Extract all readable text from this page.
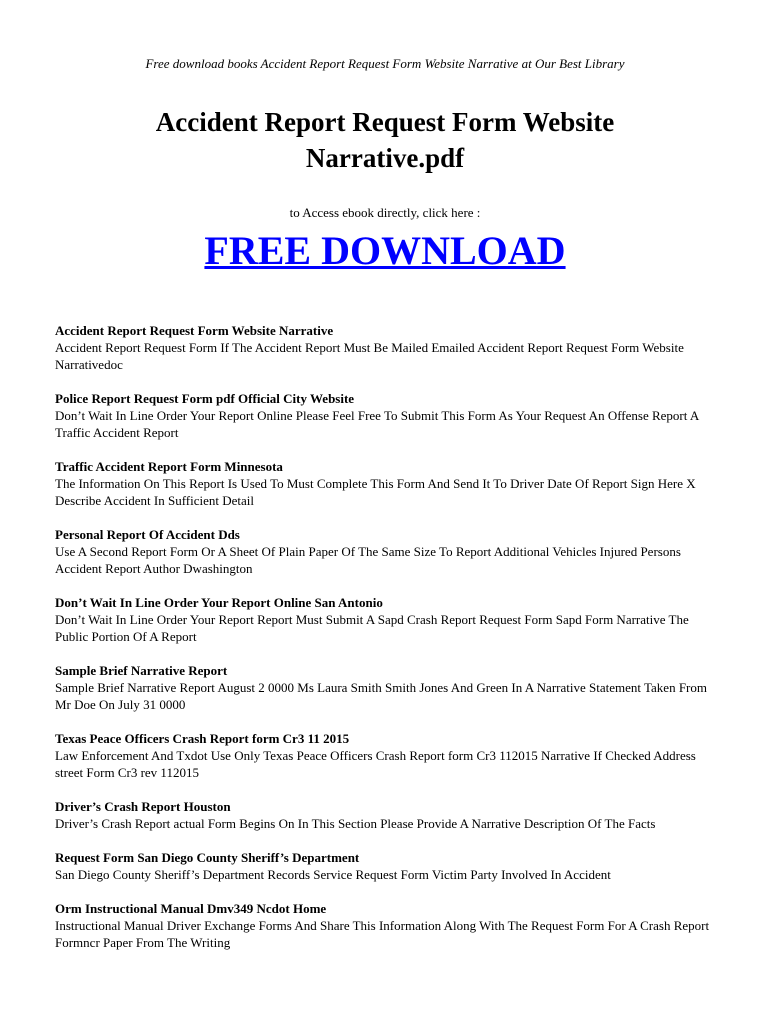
Free download books Accident Report Request Form Website Narrative at Our Best Library
Accident Report Request Form Website Narrative.pdf
to Access ebook directly, click here :
FREE DOWNLOAD
Accident Report Request Form Website Narrative
Accident Report Request Form If The Accident Report Must Be Mailed Emailed Accident Report Request Form Website Narrativedoc
Police Report Request Form pdf Official City Website
Don’t Wait In Line Order Your Report Online Please Feel Free To Submit This Form As Your Request An Offense Report A Traffic Accident Report
Traffic Accident Report Form Minnesota
The Information On This Report Is Used To Must Complete This Form And Send It To Driver Date Of Report Sign Here X Describe Accident In Sufficient Detail
Personal Report Of Accident Dds
Use A Second Report Form Or A Sheet Of Plain Paper Of The Same Size To Report Additional Vehicles Injured Persons Accident Report Author Dwashington
Don’t Wait In Line Order Your Report Online San Antonio
Don’t Wait In Line Order Your Report Report Must Submit A Sapd Crash Report Request Form Sapd Form Narrative The Public Portion Of A Report
Sample Brief Narrative Report
Sample Brief Narrative Report August 2 0000 Ms Laura Smith Smith Jones And Green In A Narrative Statement Taken From Mr Doe On July 31 0000
Texas Peace Officers Crash Report form Cr3 11 2015
Law Enforcement And Txdot Use Only Texas Peace Officers Crash Report form Cr3 112015 Narrative If Checked Address street Form Cr3 rev 112015
Driver’s Crash Report Houston
Driver’s Crash Report actual Form Begins On In This Section Please Provide A Narrative Description Of The Facts
Request Form San Diego County Sheriff’s Department
San Diego County Sheriff’s Department Records Service Request Form Victim Party Involved In Accident
Orm Instructional Manual Dmv349 Ncdot Home
Instructional Manual Driver Exchange Forms And Share This Information Along With The Request Form For A Crash Report Formncr Paper From The Writing
